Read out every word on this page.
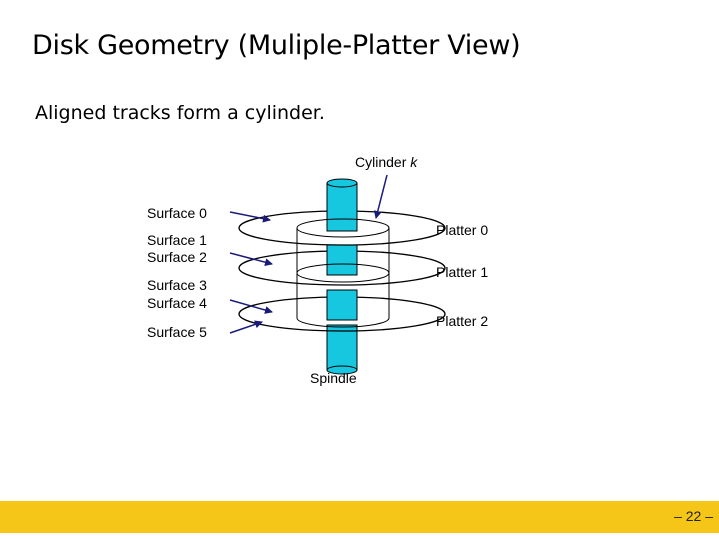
Disk Geometry (Muliple-Platter View)
Aligned tracks form a cylinder.
Cylinder k
Surface 0
Surface 1
Surface 2
Surface 3
Surface 4
Surface 5
Platter 0
Platter 1
Platter 2
Spindle
– 22 –
